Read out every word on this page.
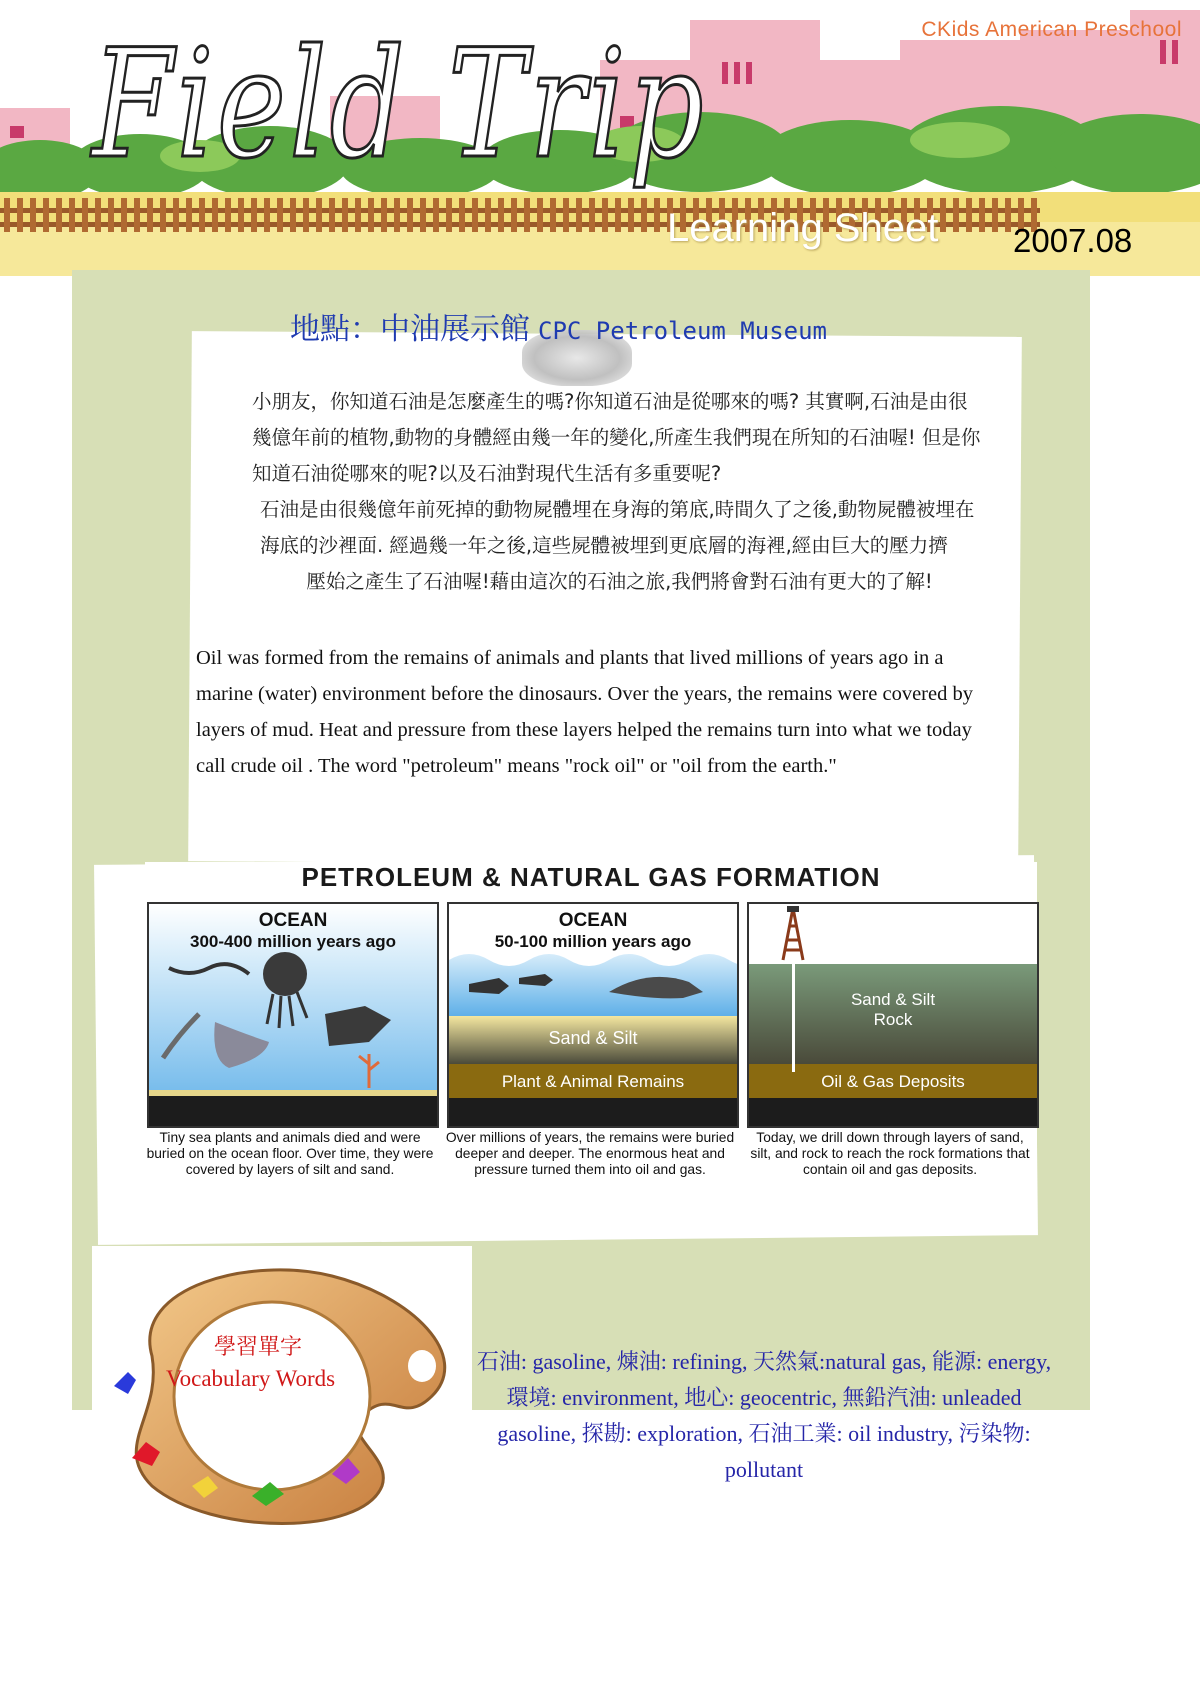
CKids American Preschool
Field Trip
Learning Sheet 2007.08
地點：中油展示館 CPC Petroleum Museum

小朋友，你知道石油是怎麼產生的嗎?你知道石油是從哪來的嗎? 其實啊,石油是由很幾億年前的植物,動物的身體經由幾一年的變化,所產生我們現在所知的石油喔! 但是你知道石油從哪來的呢?以及石油對現代生活有多重要呢?

石油是由很幾億年前死掉的動物屍體埋在身海的第底,時間久了之後,動物屍體被埋在海底的沙裡面. 經過幾一年之後,這些屍體被埋到更底層的海裡,經由巨大的壓力擠

壓始之產生了石油喔!藉由這次的石油之旅,我們將會對石油有更大的了解!

Oil was formed from the remains of animals and plants that lived millions of years ago in a marine (water) environment before the dinosaurs. Over the years, the remains were covered by layers of mud. Heat and pressure from these layers helped the remains turn into what we today call crude oil . The word "petroleum" means "rock oil" or "oil from the earth."
PETROLEUM & NATURAL GAS FORMATION
OCEAN
300-400 million years ago
Tiny sea plants and animals died and were buried on the ocean floor. Over time, they were covered by layers of silt and sand.
OCEAN
50-100 million years ago
Sand & Silt
Plant & Animal Remains
Over millions of years, the remains were buried deeper and deeper. The enormous heat and pressure turned them into oil and gas.
Sand & Silt
Rock
Oil & Gas Deposits
Today, we drill down through layers of sand, silt, and rock to reach the rock formations that contain oil and gas deposits.
學習單字
Vocabulary Words
石油: gasoline, 煉油: refining, 天然氣:natural gas, 能源: energy, 環境: environment, 地心: geocentric, 無鉛汽油: unleaded gasoline, 探勘: exploration, 石油工業: oil industry, 污染物: pollutant
